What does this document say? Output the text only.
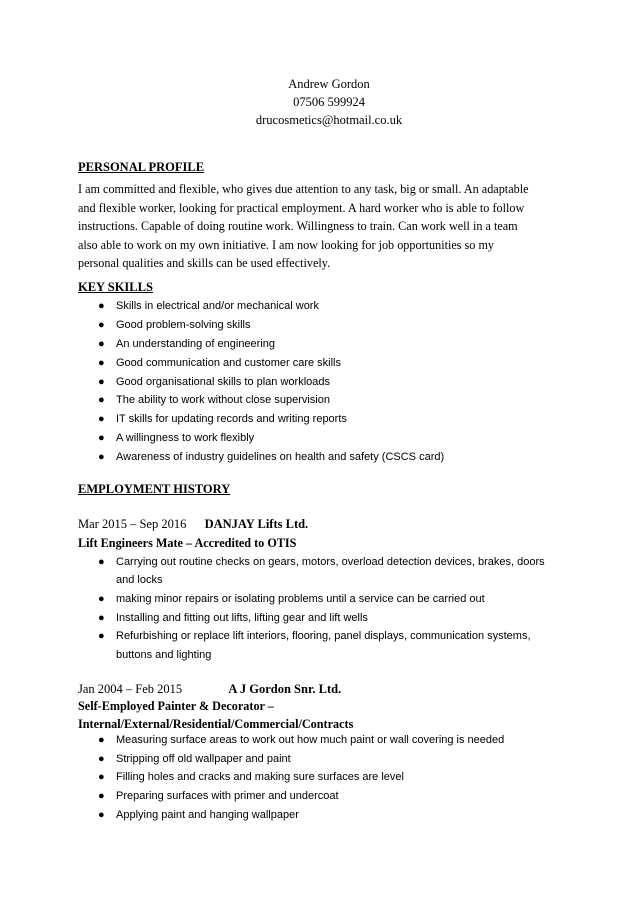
Andrew Gordon
07506 599924
drucosmetics@hotmail.co.uk
PERSONAL PROFILE
I am committed and flexible, who gives due attention to any task, big or small. An adaptable
and flexible worker, looking for practical employment. A hard worker who is able to follow
instructions. Capable of doing routine work. Willingness to train. Can work well in a team
also able to work on my own initiative. I am now looking for job opportunities so my
personal qualities and skills can be used effectively.
KEY SKILLS
● Skills in electrical and/or mechanical work
● Good problem-solving skills
● An understanding of engineering
● Good communication and customer care skills
● Good organisational skills to plan workloads
● The ability to work without close supervision
● IT skills for updating records and writing reports
● A willingness to work flexibly
● Awareness of industry guidelines on health and safety (CSCS card)
EMPLOYMENT HISTORY
Mar 2015 – Sep 2016 DANJAY Lifts Ltd.
Lift Engineers Mate – Accredited to OTIS
● Carrying out routine checks on gears, motors, overload detection devices, brakes, doors and locks
● making minor repairs or isolating problems until a service can be carried out
● Installing and fitting out lifts, lifting gear and lift wells
● Refurbishing or replace lift interiors, flooring, panel displays, communication systems, buttons and lighting
Jan 2004 – Feb 2015	A J Gordon Snr. Ltd.
Self-Employed Painter & Decorator –
Internal/External/Residential/Commercial/Contracts
● Measuring surface areas to work out how much paint or wall covering is needed
● Stripping off old wallpaper and paint
● Filling holes and cracks and making sure surfaces are level
● Preparing surfaces with primer and undercoat
● Applying paint and hanging wallpaper
